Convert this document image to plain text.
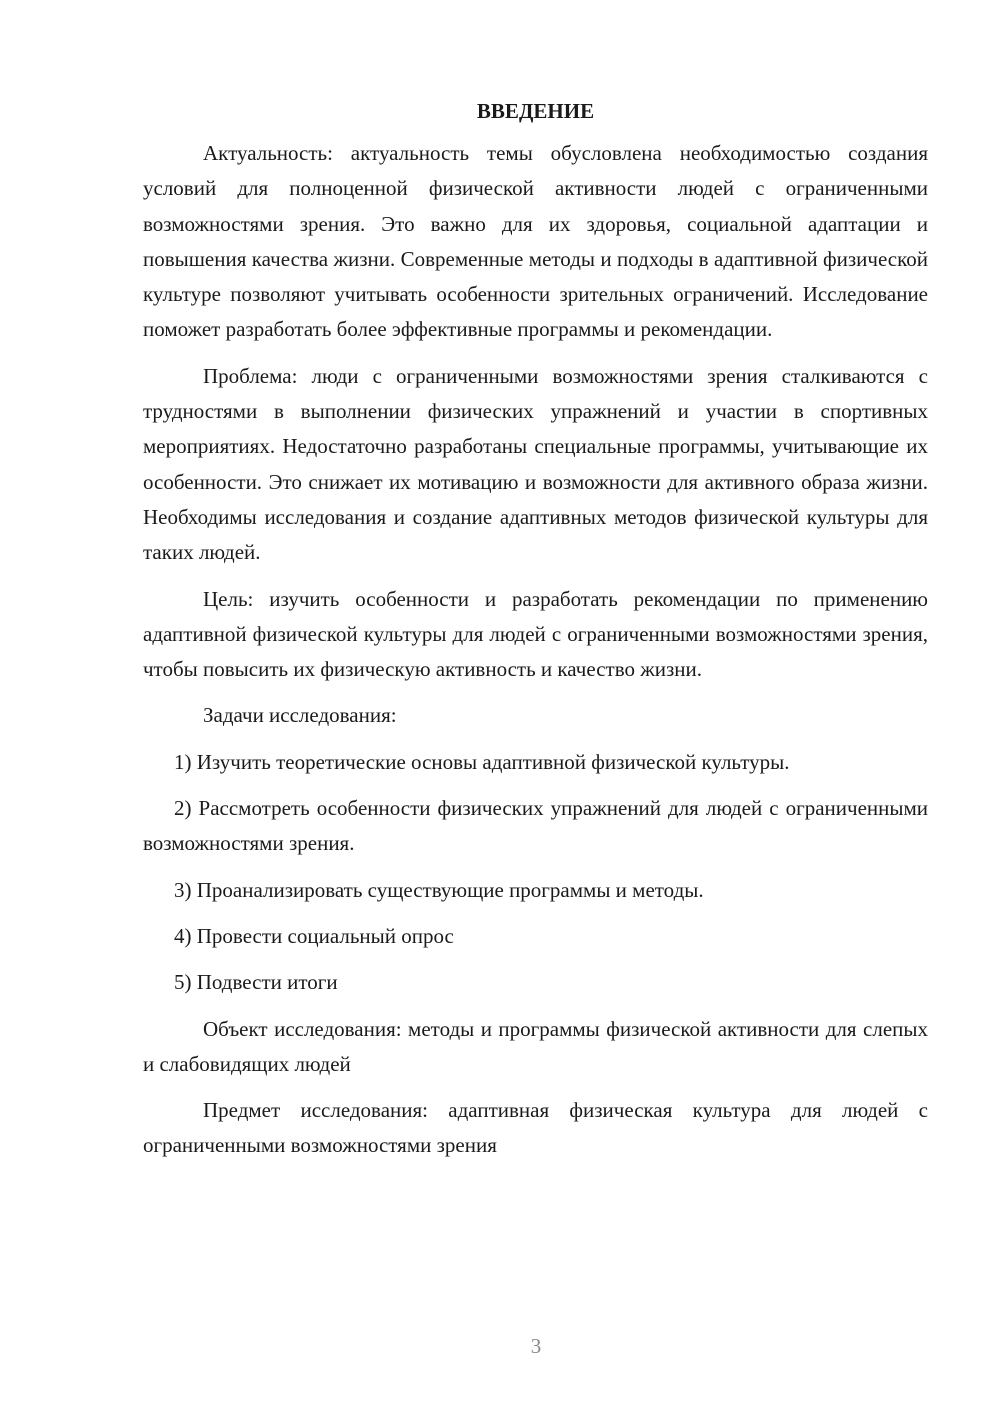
ВВЕДЕНИЕ

Актуальность: актуальность темы обусловлена необходимостью создания условий для полноценной физической активности людей с ограниченными возможностями зрения. Это важно для их здоровья, социальной адаптации и повышения качества жизни. Современные методы и подходы в адаптивной физической культуре позволяют учитывать особенности зрительных ограничений. Исследование поможет разработать более эффективные программы и рекомендации.

Проблема: люди с ограниченными возможностями зрения сталкиваются с трудностями в выполнении физических упражнений и участии в спортивных мероприятиях. Недостаточно разработаны специальные программы, учитывающие их особенности. Это снижает их мотивацию и возможности для активного образа жизни. Необходимы исследования и создание адаптивных методов физической культуры для таких людей.

Цель: изучить особенности и разработать рекомендации по применению адаптивной физической культуры для людей с ограниченными возможностями зрения, чтобы повысить их физическую активность и качество жизни.

Задачи исследования:

1) Изучить теоретические основы адаптивной физической культуры.

2) Рассмотреть особенности физических упражнений для людей с ограниченными возможностями зрения.

3) Проанализировать существующие программы и методы.

4) Провести социальный опрос

5) Подвести итоги

Объект исследования: методы и программы физической активности для слепых и слабовидящих людей

Предмет исследования: адаптивная физическая культура для людей с ограниченными возможностями зрения

3
